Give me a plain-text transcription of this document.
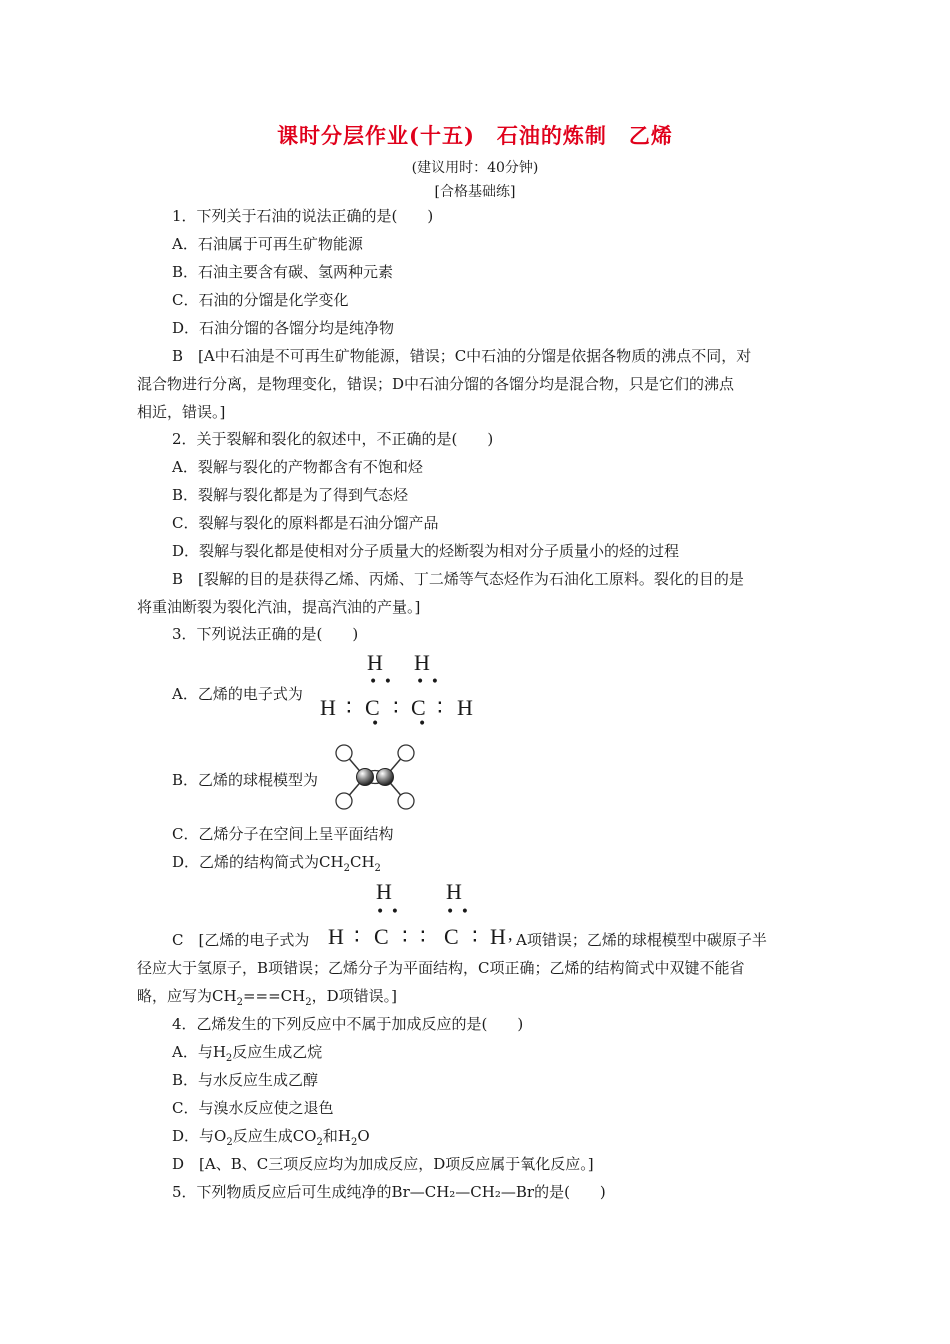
课时分层作业(十五)　石油的炼制　乙烯
(建议用时：40分钟)
[合格基础练]
1．下列关于石油的说法正确的是(　　)
A．石油属于可再生矿物能源
B．石油主要含有碳、氢两种元素
C．石油的分馏是化学变化
D．石油分馏的各馏分均是纯净物
B　[A中石油是不可再生矿物能源，错误；C中石油的分馏是依据各物质的沸点不同，对
混合物进行分离，是物理变化，错误；D中石油分馏的各馏分均是混合物，只是它们的沸点
相近，错误。]
2．关于裂解和裂化的叙述中，不正确的是(　　)
A．裂解与裂化的产物都含有不饱和烃
B．裂解与裂化都是为了得到气态烃
C．裂解与裂化的原料都是石油分馏产品
D．裂解与裂化都是使相对分子质量大的烃断裂为相对分子质量小的烃的过程
B　[裂解的目的是获得乙烯、丙烯、丁二烯等气态烃作为石油化工原料。裂化的目的是
将重油断裂为裂化汽油，提高汽油的产量。]
3．下列说法正确的是(　　)
A．乙烯的电子式为
H H
• • • •
H ∶ C ∶ C ∶ H
•	•
B．乙烯的球棍模型为
C．乙烯分子在空间上呈平面结构
D．乙烯的结构简式为$CH_2CH_2$
C　[乙烯的电子式为
H H
• •	• •
H ∶ C ∶ ∶ C ∶ H , A项错误；乙烯的球棍模型中碳原子半
径应大于氢原子，B项错误；乙烯分子为平面结构，C项正确；乙烯的结构简式中双键不能省
略，应写为$CH_2===CH_2$，D项错误。]
4．乙烯发生的下列反应中不属于加成反应的是(　　)
A．与$H_2$反应生成乙烷
B．与水反应生成乙醇
C．与溴水反应使之退色
D．与$O_2$反应生成$CO_2$和$H_2O$
D　[A、B、C三项反应均为加成反应，D项反应属于氧化反应。]
5．下列物质反应后可生成纯净的Br—CH₂—CH₂—Br的是(　　)
